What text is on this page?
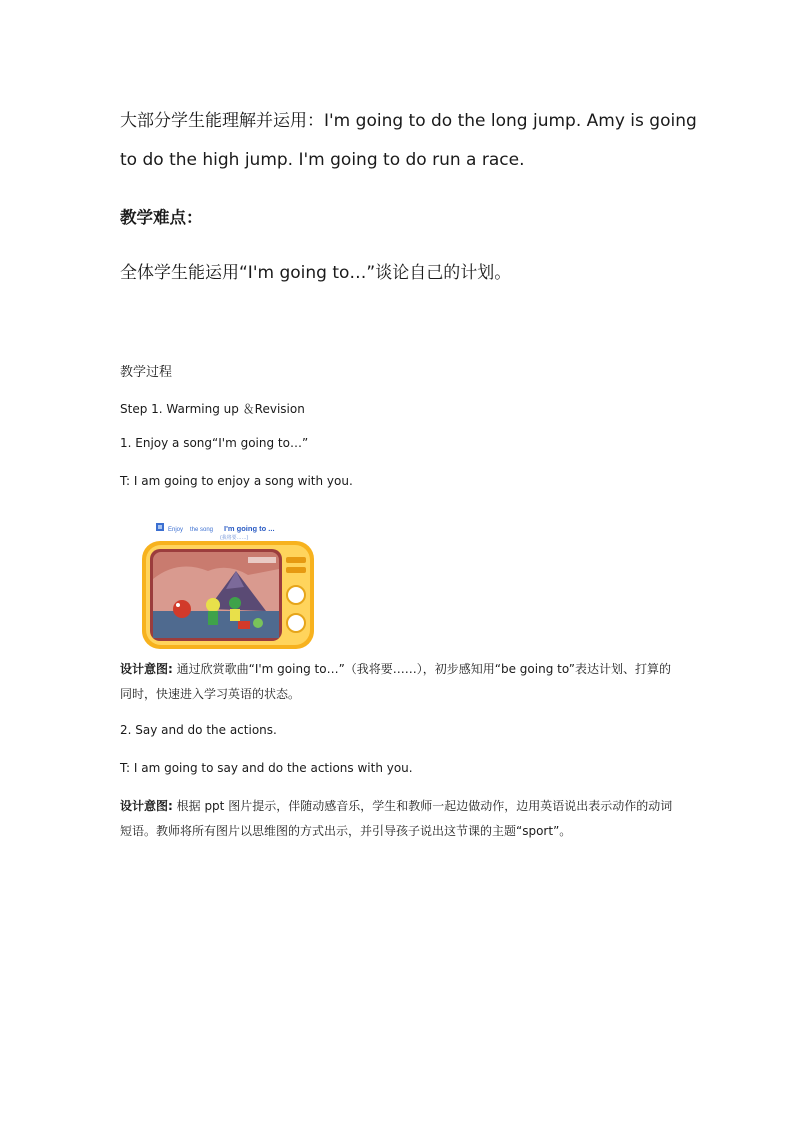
大部分学生能理解并运用：I'm going to do the long jump. Amy is going

to do the high jump. I'm going to do run a race.

教学难点：

全体学生能运用“I'm going to…”谈论自己的计划。

教学过程

Step 1. Warming up ＆Revision

1. Enjoy a song“I'm going to…”

T: I am going to enjoy a song with you.

Enjoy the song I'm going to ...
(我将要……)

设计意图: 通过欣赏歌曲“I'm going to…”（我将要……），初步感知用“be going to”表达计划、打算的同时，快速进入学习英语的状态。

2. Say and do the actions.

T: I am going to say and do the actions with you.

设计意图: 根据 ppt 图片提示，伴随动感音乐，学生和教师一起边做动作，边用英语说出表示动作的动词短语。教师将所有图片以思维图的方式出示，并引导孩子说出这节课的主题“sport”。
